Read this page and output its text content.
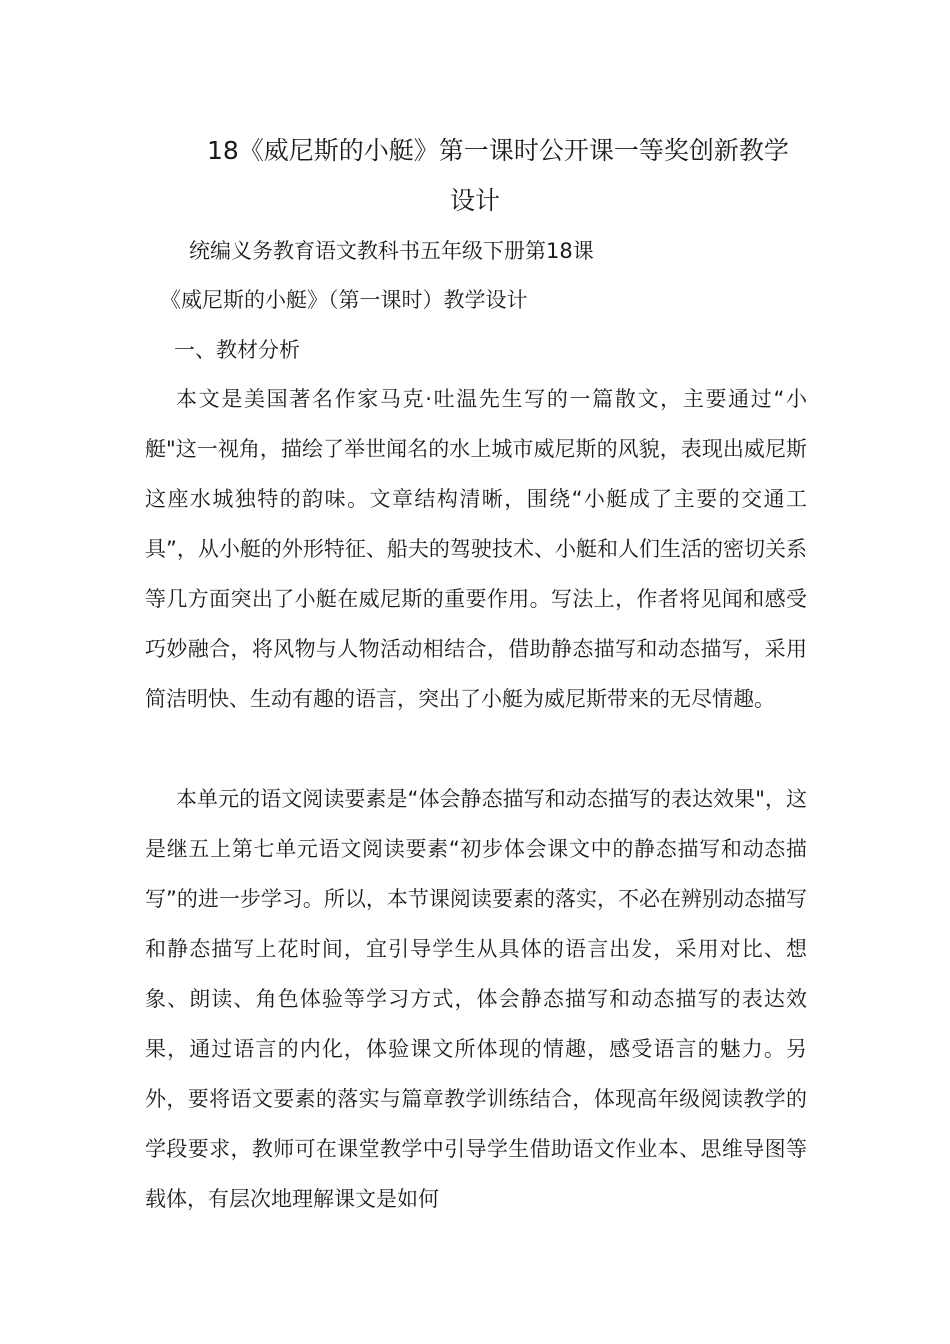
18《威尼斯的小艇》第一课时公开课一等奖创新教学
设计

统编义务教育语文教科书五年级下册第18课

《威尼斯的小艇》（第一课时）教学设计

一、教材分析

本文是美国著名作家马克·吐温先生写的一篇散文，主要通过“小艇"这一视角，描绘了举世闻名的水上城市威尼斯的风貌，表现出威尼斯这座水城独特的韵味。文章结构清晰，围绕“小艇成了主要的交通工具”，从小艇的外形特征、船夫的驾驶技术、小艇和人们生活的密切关系等几方面突出了小艇在威尼斯的重要作用。写法上，作者将见闻和感受巧妙融合，将风物与人物活动相结合，借助静态描写和动态描写，采用简洁明快、生动有趣的语言，突出了小艇为威尼斯带来的无尽情趣。

本单元的语文阅读要素是“体会静态描写和动态描写的表达效果"，这是继五上第七单元语文阅读要素“初步体会课文中的静态描写和动态描写”的进一步学习。所以，本节课阅读要素的落实，不必在辨别动态描写和静态描写上花时间，宜引导学生从具体的语言出发，采用对比、想象、朗读、角色体验等学习方式，体会静态描写和动态描写的表达效果，通过语言的内化，体验课文所体现的情趣，感受语言的魅力。另外，要将语文要素的落实与篇章教学训练结合，体现高年级阅读教学的学段要求，教师可在课堂教学中引导学生借助语文作业本、思维导图等载体，有层次地理解课文是如何
